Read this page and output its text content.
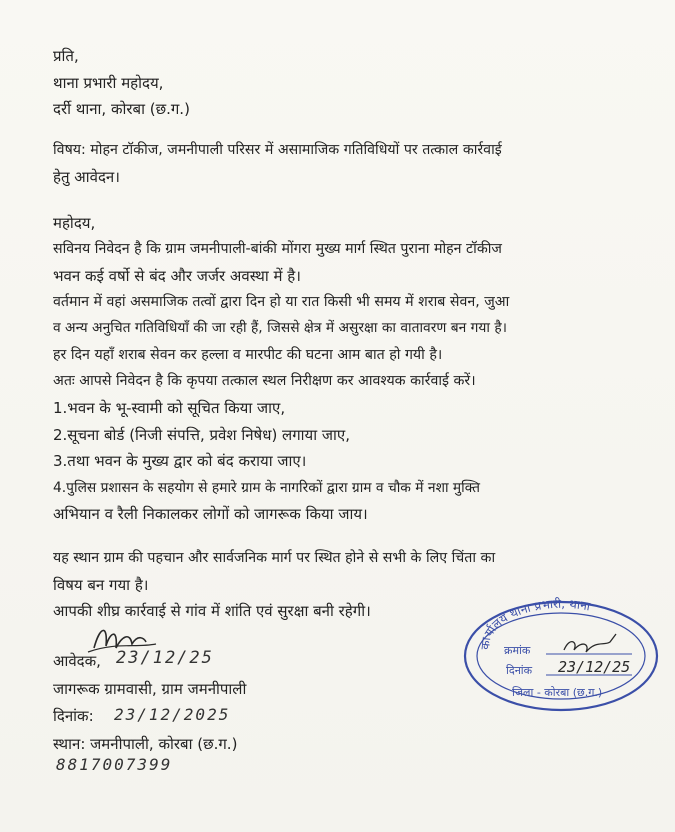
प्रति,
थाना प्रभारी महोदय,
दर्री थाना, कोरबा (छ.ग.)
विषय: मोहन टॉकीज, जमनीपाली परिसर में असामाजिक गतिविधियों पर तत्काल कार्रवाई
हेतु आवेदन।
महोदय,
सविनय निवेदन है कि ग्राम जमनीपाली-बांकी मोंगरा मुख्य मार्ग स्थित पुराना मोहन टॉकीज
भवन कई वर्षो से बंद और जर्जर अवस्था में है।
वर्तमान में वहां असमाजिक तत्वों द्वारा दिन हो या रात किसी भी समय में शराब सेवन, जुआ
व अन्य अनुचित गतिविधियाँ की जा रही हैं, जिससे क्षेत्र में असुरक्षा का वातावरण बन गया है।
हर दिन यहाँ शराब सेवन कर हल्ला व मारपीट की घटना आम बात हो गयी है।
अतः आपसे निवेदन है कि कृपया तत्काल स्थल निरीक्षण कर आवश्यक कार्रवाई करें।
1.भवन के भू-स्वामी को सूचित किया जाए,
2.सूचना बोर्ड (निजी संपत्ति, प्रवेश निषेध) लगाया जाए,
3.तथा भवन के मुख्य द्वार को बंद कराया जाए।
4.पुलिस प्रशासन के सहयोग से हमारे ग्राम के नागरिकों द्वारा ग्राम व चौक में नशा मुक्ति
अभियान व रैली निकालकर लोगों को जागरूक किया जाय।
यह स्थान ग्राम की पहचान और सार्वजनिक मार्ग पर स्थित होने से सभी के लिए चिंता का
विषय बन गया है।
आपकी शीघ्र कार्रवाई से गांव में शांति एवं सुरक्षा बनी रहेगी।
आवेदक, 23/12/25
जागरूक ग्रामवासी, ग्राम जमनीपाली
दिनांक: 23/12/2025
स्थान: जमनीपाली, कोरबा (छ.ग.)
8817007399
कार्यालय थाना प्रभारी, थाना
क्रमांक
दिनांक 23/12/25
जिला - कोरबा (छ.ग.)
